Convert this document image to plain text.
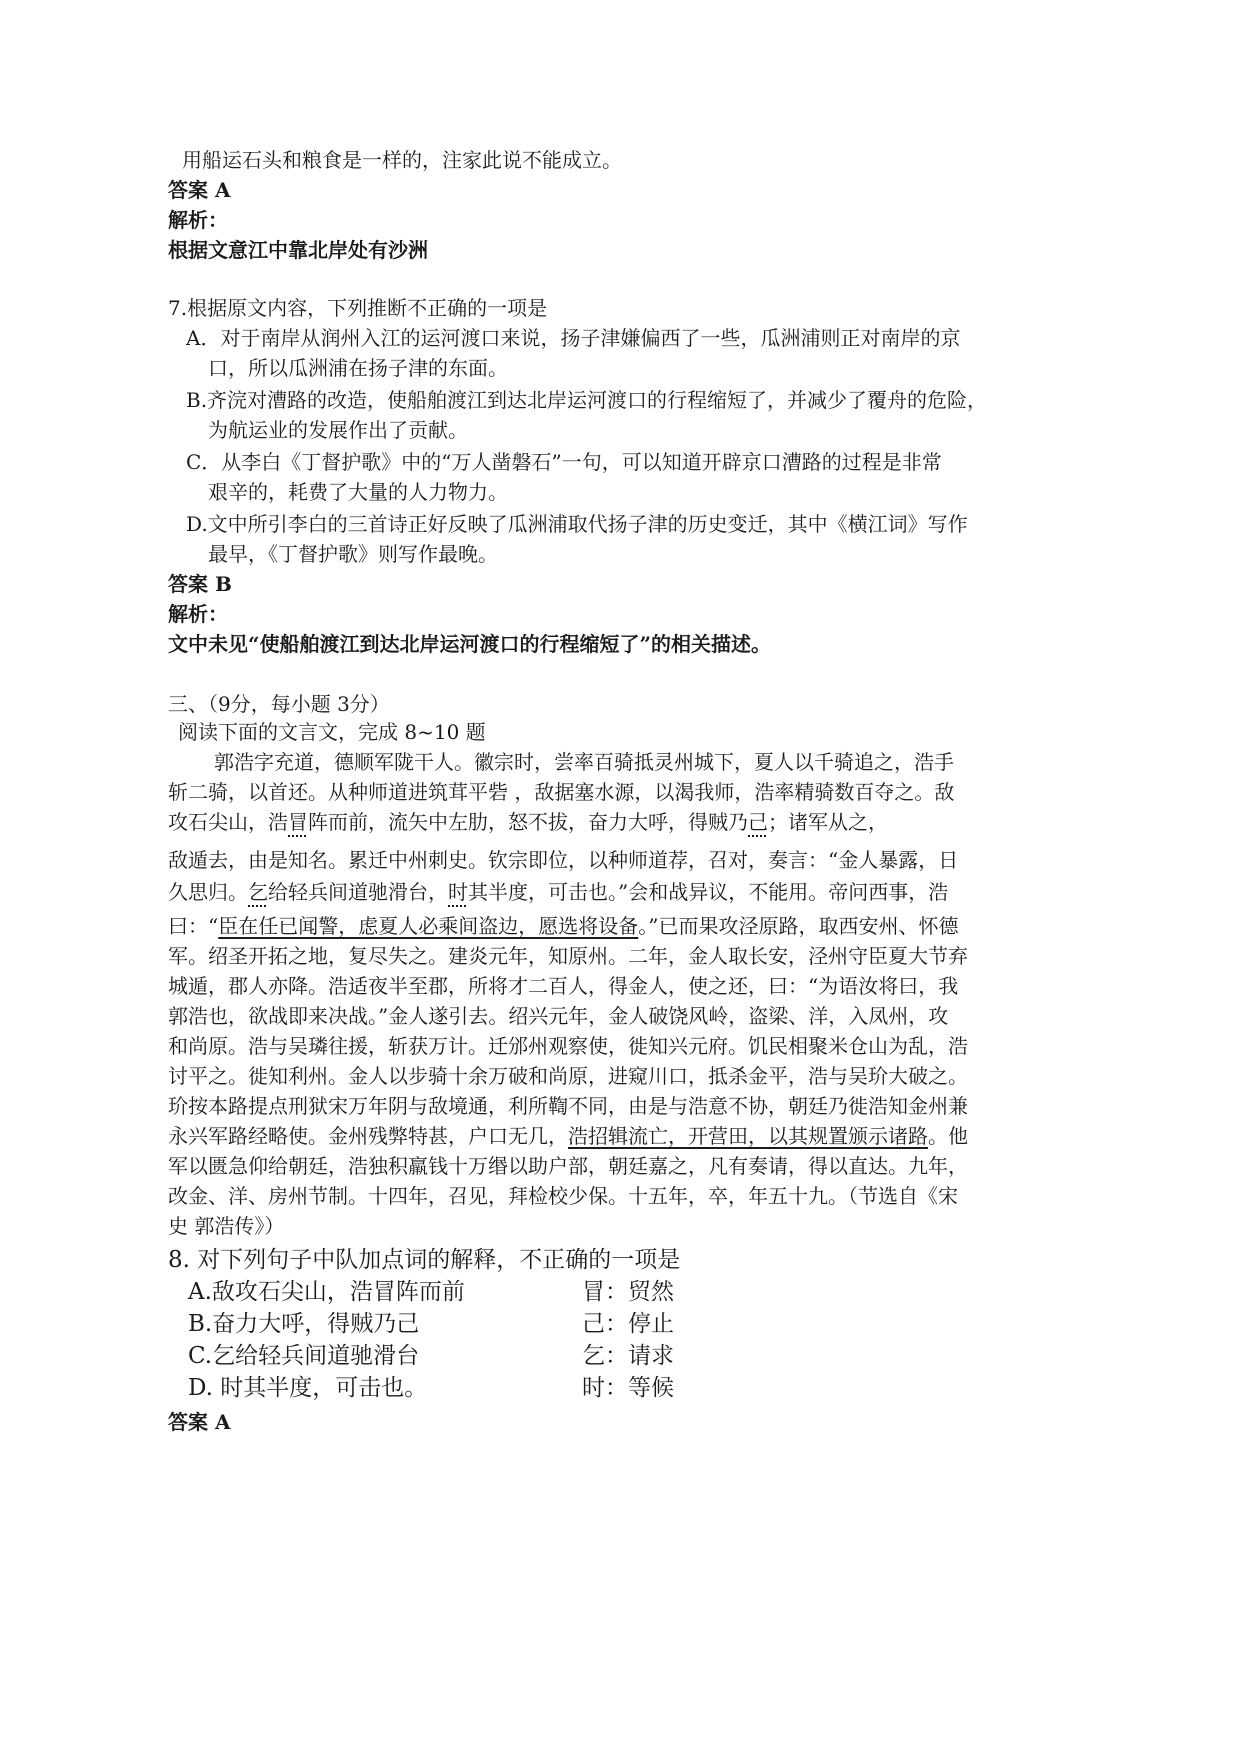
用船运石头和粮食是一样的，注家此说不能成立。
答案 A
解析：
根据文意江中靠北岸处有沙洲
7.根据原文内容，下列推断不正确的一项是
A．对于南岸从润州入江的运河渡口来说，扬子津嫌偏西了一些，瓜洲浦则正对南岸的京
口，所以瓜洲浦在扬子津的东面。
B.齐浣对漕路的改造，使船舶渡江到达北岸运河渡口的行程缩短了，并减少了覆舟的危险，
为航运业的发展作出了贡献。
C．从李白《丁督护歌》中的“万人凿磐石”一句，可以知道开辟京口漕路的过程是非常
艰辛的，耗费了大量的人力物力。
D.文中所引李白的三首诗正好反映了瓜洲浦取代扬子津的历史变迁，其中《横江词》写作
最早，《丁督护歌》则写作最晚。
答案 B
解析：
文中未见“使船舶渡江到达北岸运河渡口的行程缩短了”的相关描述。
三、（9分，每小题 3分）
阅读下面的文言文，完成 8~10 题
郭浩字充道，德顺军陇干人。徽宗时，尝率百骑抵灵州城下，夏人以千骑追之，浩手
斩二骑，以首还。从种师道进筑茸平砦 ，敌据塞水源，以渴我师，浩率精骑数百夺之。敌
攻石尖山，浩冒阵而前，流矢中左肋，怒不拔，奋力大呼，得贼乃己；诸军从之，
敌遁去，由是知名。累迁中州刺史。钦宗即位，以种师道荐，召对，奏言：“金人暴露，日
久思归。乞给轻兵间道驰滑台，时其半度，可击也。”会和战异议，不能用。帝问西事，浩
曰：“臣在任已闻警，虑夏人必乘间盗边，愿选将设备。”已而果攻泾原路，取西安州、怀德
军。绍圣开拓之地，复尽失之。建炎元年，知原州。二年，金人取长安，泾州守臣夏大节弃
城遁，郡人亦降。浩适夜半至郡，所将才二百人，得金人，使之还，曰：“为语汝将曰，我
郭浩也，欲战即来决战。”金人遂引去。绍兴元年，金人破饶风岭，盗梁、洋，入凤州，攻
和尚原。浩与吴璘往援，斩获万计。迁邠州观察使，徙知兴元府。饥民相聚米仓山为乱，浩
讨平之。徙知利州。金人以步骑十余万破和尚原，进窥川口，抵杀金平，浩与吴玠大破之。
玠按本路提点刑狱宋万年阴与敌境通，利所鞫不同，由是与浩意不协，朝廷乃徙浩知金州兼
永兴军路经略使。金州残弊特甚，户口无几，浩招辑流亡，开营田，以其规置颁示诸路。他
军以匮急仰给朝廷，浩独积羸钱十万缗以助户部，朝廷嘉之，凡有奏请，得以直达。九年，
改金、洋、房州节制。十四年，召见，拜检校少保。十五年，卒，年五十九。（节选自《宋
史 郭浩传》）
8. 对下列句子中队加点词的解释，不正确的一项是
A.敌攻石尖山，浩冒阵而前	冒：贸然
B.奋力大呼，得贼乃己	己：停止
C.乞给轻兵间道驰滑台	乞：请求
D. 时其半度，可击也。	时：等候
答案 A
